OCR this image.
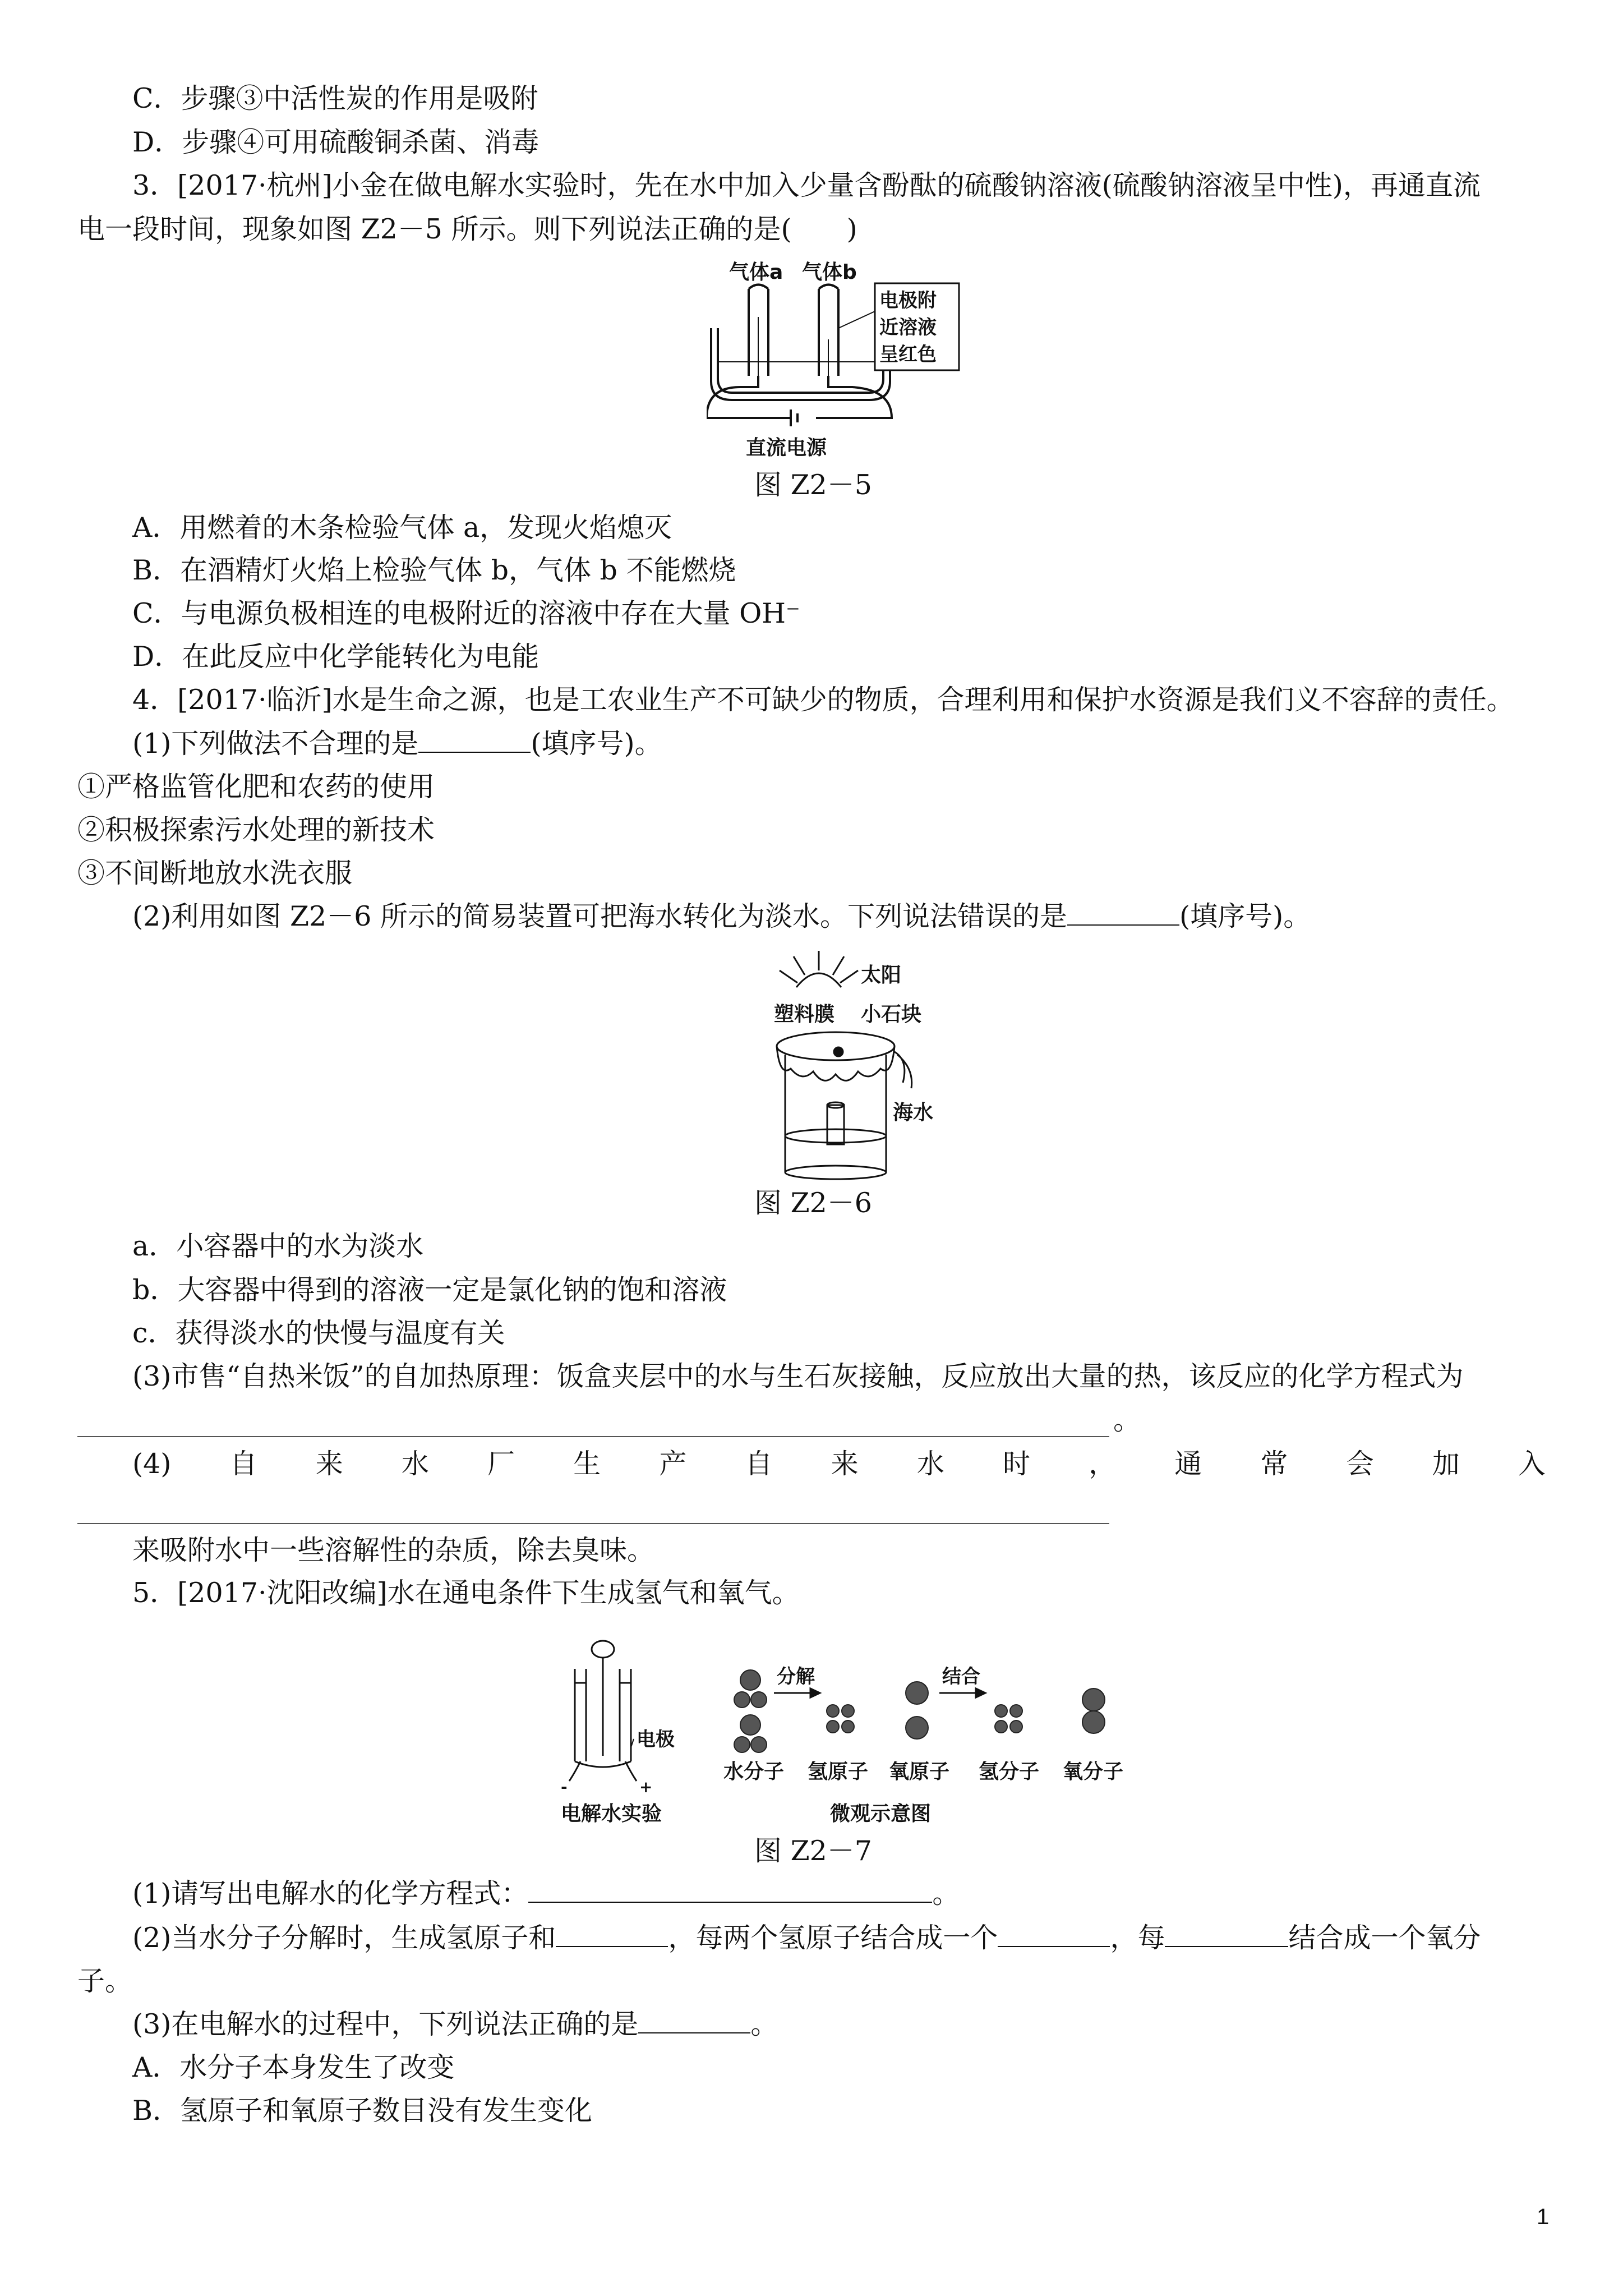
C．步骤③中活性炭的作用是吸附
D．步骤④可用硫酸铜杀菌、消毒
3．[2017·杭州]小金在做电解水实验时，先在水中加入少量含酚酞的硫酸钠溶液(硫酸钠溶液呈中性)，再通直流
电一段时间，现象如图 Z2－5 所示。则下列说法正确的是(　　)
气体a 气体b
电极附
近溶液
呈红色
直流电源
图 Z2－5
A．用燃着的木条检验气体 a，发现火焰熄灭
B．在酒精灯火焰上检验气体 b，气体 b 不能燃烧
C．与电源负极相连的电极附近的溶液中存在大量 OH⁻
D．在此反应中化学能转化为电能
4．[2017·临沂]水是生命之源，也是工农业生产不可缺少的物质，合理利用和保护水资源是我们义不容辞的责任。
(1)下列做法不合理的是	(填序号)。
①严格监管化肥和农药的使用
②积极探索污水处理的新技术
③不间断地放水洗衣服
(2)利用如图 Z2－6 所示的简易装置可把海水转化为淡水。下列说法错误的是	(填序号)。
太阳
塑料膜 小石块
海水
图 Z2－6
a．小容器中的水为淡水
b．大容器中得到的溶液一定是氯化钠的饱和溶液
c．获得淡水的快慢与温度有关
(3)市售“自热米饭”的自加热原理：饭盒夹层中的水与生石灰接触，反应放出大量的热，该反应的化学方程式为
。
(4) 自 来 水 厂 生 产 自 来 水 时 ， 通 常 会 加 入
来吸附水中一些溶解性的杂质，除去臭味。
5．[2017·沈阳改编]水在通电条件下生成氢气和氧气。
电极
-	+
电解水实验
分解	结合
水分子 氢原子 氧原子 氢分子 氧分子
微观示意图
图 Z2－7
(1)请写出电解水的化学方程式：	。
(2)当水分子分解时，生成氢原子和	，每两个氢原子结合成一个	，每	结合成一个氧分
子。
(3)在电解水的过程中，下列说法正确的是	。
A．水分子本身发生了改变
B．氢原子和氧原子数目没有发生变化
1
